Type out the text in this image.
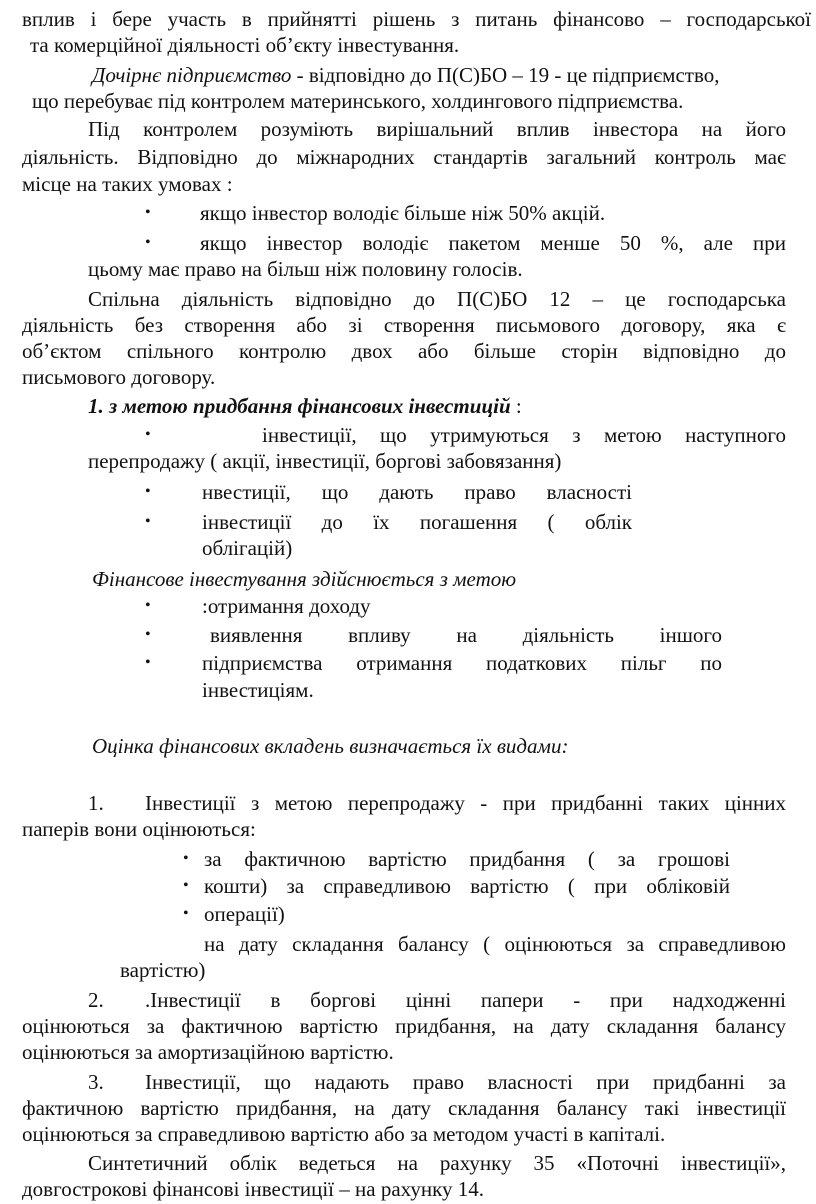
вплив і бере участь в прийнятті рішень з питань фінансово – господарської
та комерційної діяльності об’єкту інвестування.
Дочірнє підприємство - відповідно до П(С)БО – 19 - це підприємство,
що перебуває під контролем материнського, холдингового підприємства.
Під контролем розуміють вирішальний вплив інвестора на його
діяльність. Відповідно до міжнародних стандартів загальний контроль має
місце на таких умовах :
• якщо інвестор володіє більше ніж 50% акцій.
• якщо інвестор володіє пакетом менше 50 %, але при
цьому має право на більш ніж половину голосів.
Спільна діяльність відповідно до П(С)БО 12 – це господарська
діяльність без створення або зі створення письмового договору, яка є
об’єктом спільного контролю двох або більше сторін відповідно до
письмового договору.
1. з метою придбання фінансових інвестицій :
•	інвестиції, що утримуються з метою наступного
перепродажу ( акції, інвестиції, боргові забовязання)
• нвестиції, що дають право власності
• інвестиції до їх погашення ( облік
облігацій)
Фінансове інвестування здійснюється з метою
• :отримання доходу
•	виявлення впливу на діяльність іншого
• підприємства отримання податкових пільг по
інвестиціям.
Оцінка фінансових вкладень визначається їх видами:
1. Інвестиції з метою перепродажу - при придбанні таких цінних
паперів вони оцінюються:
• за фактичною вартістю придбання ( за грошові
• кошти) за справедливою вартістю ( при обліковій
• операції)
на дату складання балансу ( оцінюються за справедливою
вартістю)
2. .Інвестиції в боргові цінні папери - при надходженні
оцінюються за фактичною вартістю придбання, на дату складання балансу
оцінюються за амортизаційною вартістю.
3. Інвестиції, що надають право власності при придбанні за
фактичною вартістю придбання, на дату складання балансу такі інвестиції
оцінюються за справедливою вартістю або за методом участі в капіталі.
Синтетичний облік ведеться на рахунку 35 «Поточні інвестиції»,
довгострокові фінансові інвестиції – на рахунку 14.
